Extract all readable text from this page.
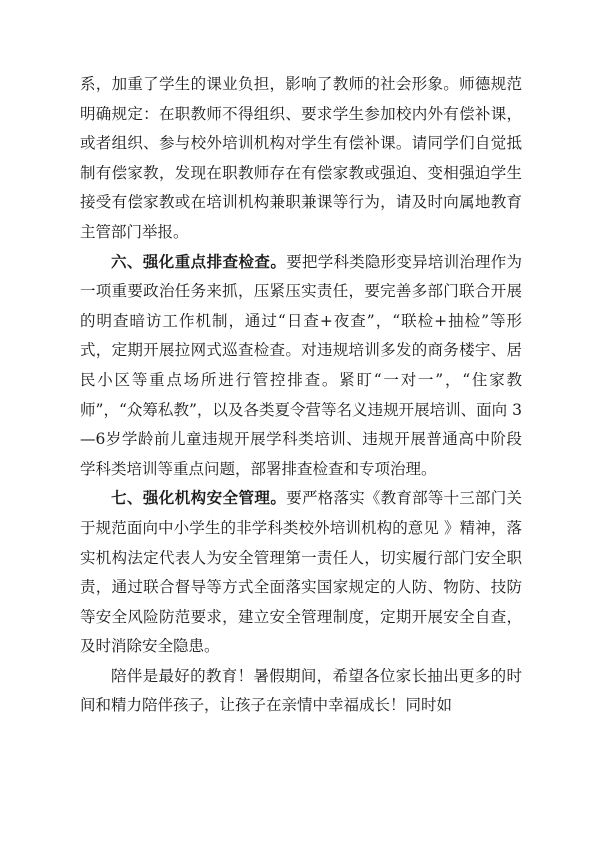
系，加重了学生的课业负担，影响了教师的社会形象。师德规范明确规定：在职教师不得组织、要求学生参加校内外有偿补课，或者组织、参与校外培训机构对学生有偿补课。请同学们自觉抵制有偿家教，发现在职教师存在有偿家教或强迫、变相强迫学生接受有偿家教或在培训机构兼职兼课等行为，请及时向属地教育主管部门举报。

六、强化重点排查检查。要把学科类隐形变异培训治理作为一项重要政治任务来抓，压紧压实责任，要完善多部门联合开展的明查暗访工作机制，通过“日查+夜查”，“联检+抽检”等形式，定期开展拉网式巡查检查。对违规培训多发的商务楼宇、居民小区等重点场所进行管控排查。紧盯“一对一”，“住家教师”，“众筹私教”，以及各类夏令营等名义违规开展培训、面向 3—6岁学龄前儿童违规开展学科类培训、违规开展普通高中阶段学科类培训等重点问题，部署排查检查和专项治理。

七、强化机构安全管理。要严格落实《教育部等十三部门关于规范面向中小学生的非学科类校外培训机构的意见 》精神，落实机构法定代表人为安全管理第一责任人，切实履行部门安全职责，通过联合督导等方式全面落实国家规定的人防、物防、技防等安全风险防范要求，建立安全管理制度，定期开展安全自查，及时消除安全隐患。

陪伴是最好的教育！暑假期间，希望各位家长抽出更多的时间和精力陪伴孩子，让孩子在亲情中幸福成长！同时如
